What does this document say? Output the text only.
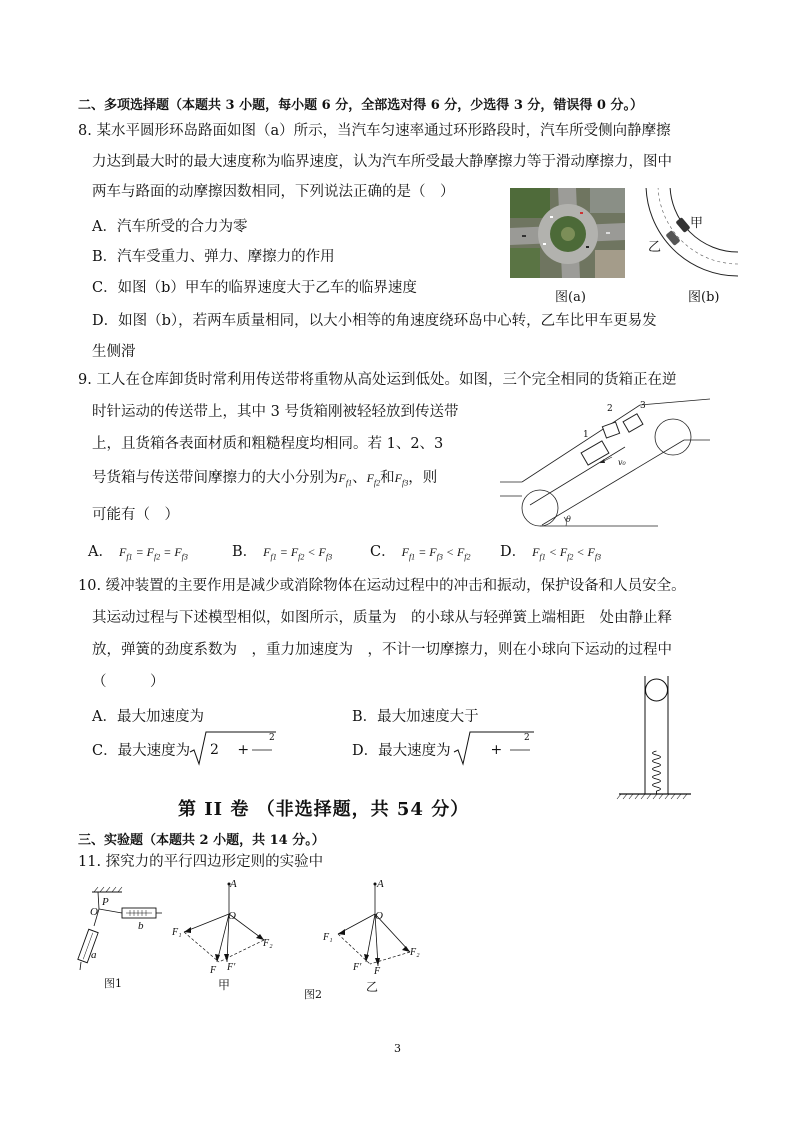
二、多项选择题（本题共 3 小题，每小题 6 分，全部选对得 6 分，少选得 3 分，错误得 0 分。）
8. 某水平圆形环岛路面如图（a）所示，当汽车匀速率通过环形路段时，汽车所受侧向静摩擦
力达到最大时的最大速度称为临界速度，认为汽车所受最大静摩擦力等于滑动摩擦力，图中
两车与路面的动摩擦因数相同，下列说法正确的是（　）
A．汽车所受的合力为零
B．汽车受重力、弹力、摩擦力的作用
C．如图（b）甲车的临界速度大于乙车的临界速度
D．如图（b），若两车质量相同，以大小相等的角速度绕环岛中心转，乙车比甲车更易发
生侧滑
图(a)
甲
乙
图(b)
9. 工人在仓库卸货时常利用传送带将重物从高处运到低处。如图，三个完全相同的货箱正在逆
时针运动的传送带上，其中 3 号货箱刚被轻轻放到传送带
上，且货箱各表面材质和粗糙程度均相同。若 1、2、3
号货箱与传送带间摩擦力的大小分别为$F_{f1}$、$F_{f2}$和$F_{f3}$，则
可能有（　）
1
2	3
v₀
θ
A． $F_{f1} = F_{f2} = F_{f3}$	B． $F_{f1} = F_{f2} < F_{f3}$	C． $F_{f1} = F_{f3} < F_{f2}$ D． $F_{f1} < F_{f2} < F_{f3}$
10. 缓冲装置的主要作用是减少或消除物体在运动过程中的冲击和振动，保护设备和人员安全。
其运动过程与下述模型相似，如图所示，质量为　的小球从与轻弹簧上端相距　处由静止释
放，弹簧的劲度系数为　，重力加速度为　，不计一切摩擦力，则在小球向下运动的过程中
（　　　）
A．最大加速度为	B．最大加速度大于
C．最大速度为 2　 +
2
D．最大速度为 　 +
2
第 II 卷 （非选择题，共 54 分）
三、实验题（本题共 2 小题，共 14 分。）
11. 探究力的平行四边形定则的实验中
O
P
a
b
图1
A
O
F₁
F₂
F F′
甲
A
O
F₁
F₂
F′ F
乙
图2
3
